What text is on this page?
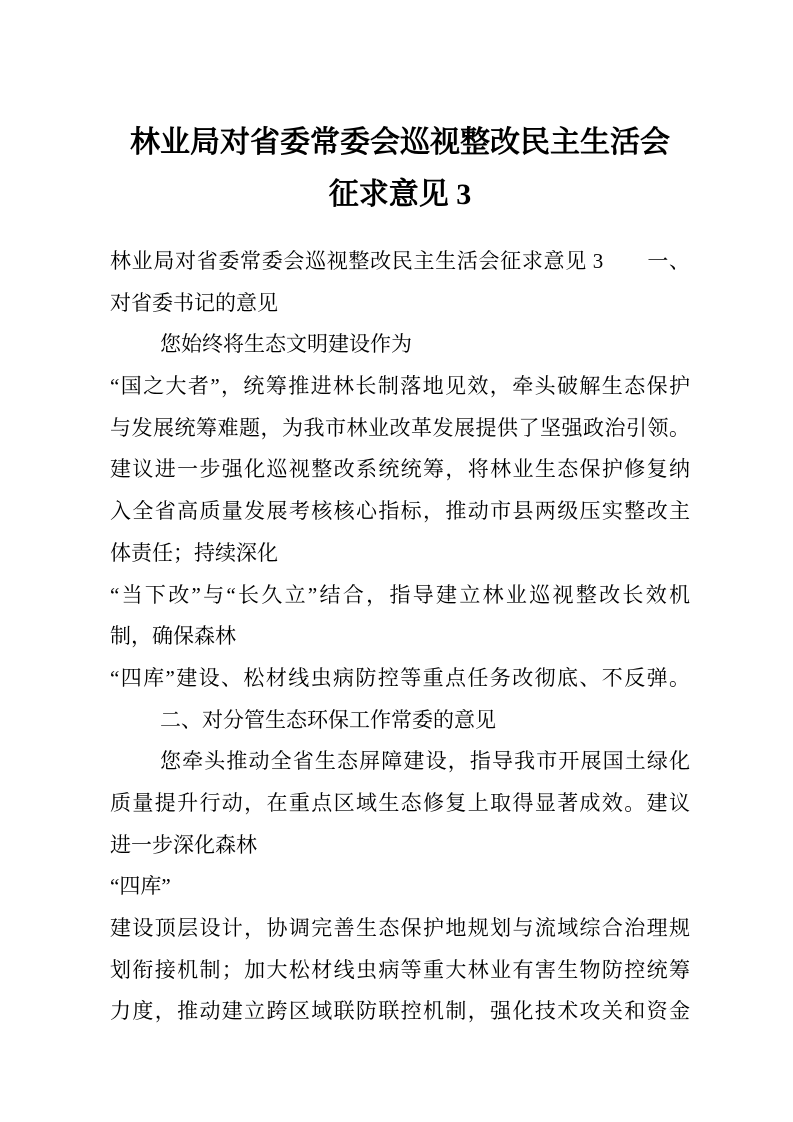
林业局对省委常委会巡视整改民主生活会
征求意见 3
林业局对省委常委会巡视整改民主生活会征求意见 3　　一、
对省委书记的意见
您始终将生态文明建设作为
“国之大者”，统筹推进林长制落地见效，牵头破解生态保护
与发展统筹难题，为我市林业改革发展提供了坚强政治引领。
建议进一步强化巡视整改系统统筹，将林业生态保护修复纳
入全省高质量发展考核核心指标，推动市县两级压实整改主
体责任；持续深化
“当下改”与“长久立”结合，指导建立林业巡视整改长效机
制，确保森林
“四库”建设、松材线虫病防控等重点任务改彻底、不反弹。
二、对分管生态环保工作常委的意见
您牵头推动全省生态屏障建设，指导我市开展国土绿化
质量提升行动，在重点区域生态修复上取得显著成效。建议
进一步深化森林
“四库”
建设顶层设计，协调完善生态保护地规划与流域综合治理规
划衔接机制；加大松材线虫病等重大林业有害生物防控统筹
力度，推动建立跨区域联防联控机制，强化技术攻关和资金
